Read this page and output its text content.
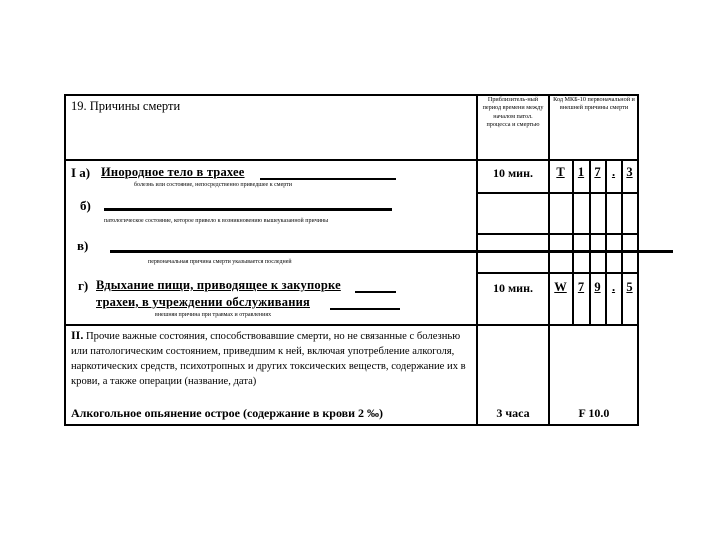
19. Причины смерти	Приблизитель-ный период времени между началом патол. процесса и смертью
Код МКБ-10 первоначальной и внешней причины смерти
I а) Инородное тело в трахее
болезнь или состояние, непосредственно приведшее к смерти
10 мин.	T	1 7 . 3
б)
патологическое состояние, которое привело к возникновению вышеуказанной причины
в)
первоначальная причина смерти указывается последней
г) Вдыхание пищи, приводящее к закупорке
трахеи, в учреждении обслуживания
внешняя причина при травмах и отравлениях
10 мин.	W 7 9 . 5
II. Прочие важные состояния, способствовавшие смерти, но не связанные с болезнью или патологическим состоянием, приведшим к ней, включая употребление алкоголя, наркотических средств, психотропных и других токсических веществ, содержание их в крови, а также операции (название, дата)
Алкогольное опьянение острое (содержание в крови 2 ‰)	3 часа	F 10.0
